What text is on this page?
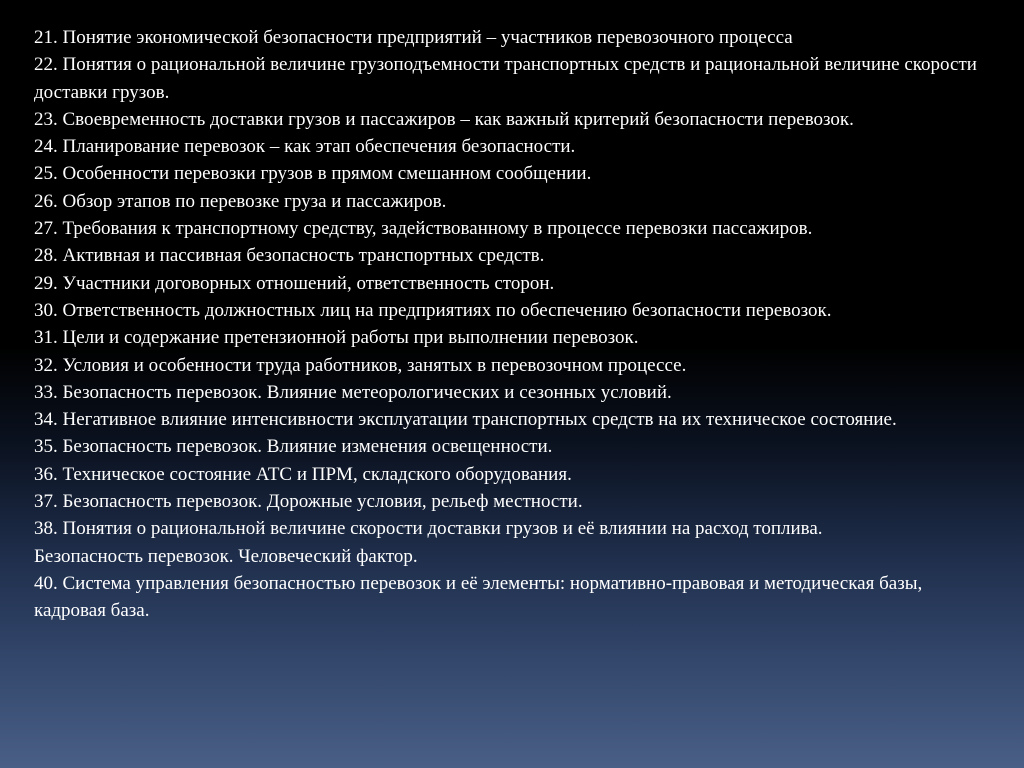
21. Понятие экономической безопасности предприятий – участников перевозочного процесса

22. Понятия о рациональной величине грузоподъемности транспортных средств и рациональной величине скорости доставки грузов.

23. Своевременность доставки грузов и пассажиров – как важный критерий безопасности перевозок.

24. Планирование перевозок – как этап обеспечения безопасности.

25. Особенности перевозки грузов в прямом смешанном сообщении.

26. Обзор этапов по перевозке груза и пассажиров.

27. Требования к транспортному средству, задействованному в процессе перевозки пассажиров.

28. Активная и пассивная безопасность транспортных средств.

29. Участники договорных отношений, ответственность сторон.

30. Ответственность должностных лиц на предприятиях по обеспечению безопасности перевозок.

31. Цели и содержание претензионной работы при выполнении перевозок.

32. Условия и особенности труда работников, занятых в перевозочном процессе.

33. Безопасность перевозок. Влияние метеорологических и сезонных условий.

34. Негативное влияние интенсивности эксплуатации транспортных средств на их техническое состояние.

35. Безопасность перевозок. Влияние изменения освещенности.

36. Техническое состояние АТС и ПРМ, складского оборудования.

37. Безопасность перевозок. Дорожные условия, рельеф местности.

38. Понятия о рациональной величине скорости доставки грузов и её влиянии на расход топлива.

Безопасность перевозок. Человеческий фактор.

40. Система управления безопасностью перевозок и её элементы: нормативно-правовая и методическая базы, кадровая база.
